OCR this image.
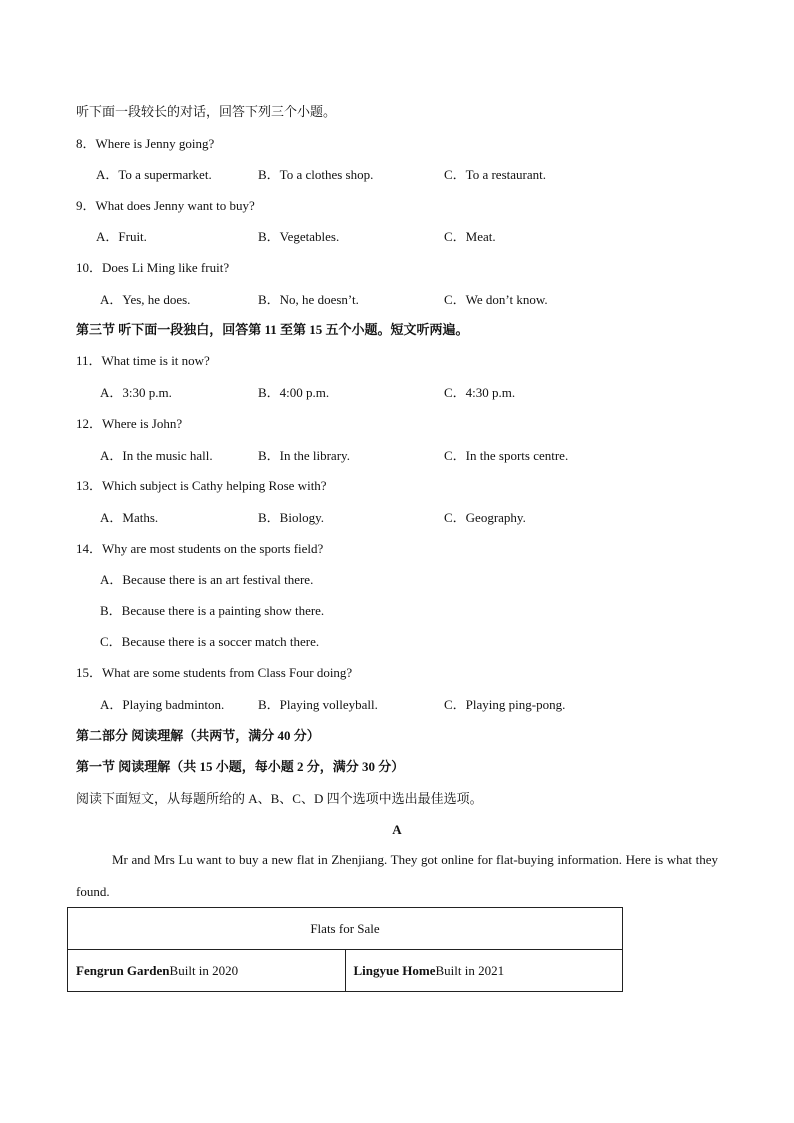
听下面一段较长的对话，回答下列三个小题。
8．Where is Jenny going?
A．To a supermarket.	B．To a clothes shop.	C．To a restaurant.
9．What does Jenny want to buy?
A．Fruit.	B．Vegetables.	C．Meat.
10．Does Li Ming like fruit?
A．Yes, he does.	B．No, he doesn’t.	C．We don’t know.
第三节 听下面一段独白，回答第 11 至第 15 五个小题。短文听两遍。
11．What time is it now?
A．3:30 p.m.	B．4:00 p.m.	C．4:30 p.m.
12．Where is John?
A．In the music hall.	B．In the library.	C．In the sports centre.
13．Which subject is Cathy helping Rose with?
A．Maths.	B．Biology.	C．Geography.
14．Why are most students on the sports field?
A．Because there is an art festival there.
B．Because there is a painting show there.
C．Because there is a soccer match there.
15．What are some students from Class Four doing?
A．Playing badminton.	B．Playing volleyball.	C．Playing ping-pong.
第二部分 阅读理解（共两节，满分 40 分）
第一节 阅读理解（共 15 小题，每小题 2 分，满分 30 分）
阅读下面短文，从每题所给的 A、B、C、D 四个选项中选出最佳选项。
A
Mr and Mrs Lu want to buy a new flat in Zhenjiang. They got online for flat-buying information. Here is what they found.
Flats for Sale
Fengrun GardenBuilt in 2020	Lingyue HomeBuilt in 2021
